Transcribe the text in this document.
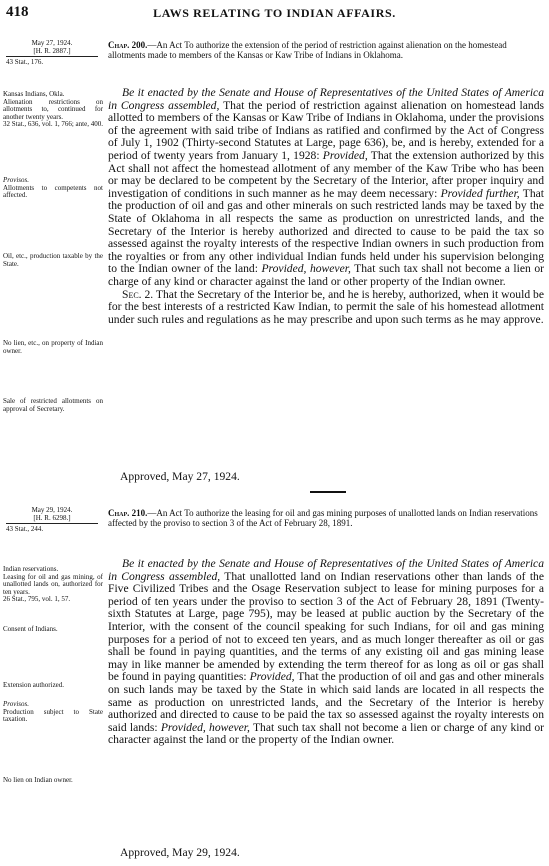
418	LAWS RELATING TO INDIAN AFFAIRS.
May 27, 1924.
[H. R. 2887.]
43 Stat., 176.
Chap. 200.—An Act To authorize the extension of the period of restriction against alienation on the homestead allotments made to members of the Kansas or Kaw Tribe of Indians in Oklahoma.
Kansas Indians, Okla.
Alienation restrictions on allotments to, continued for another twenty years.
32 Stat., 636, vol. 1, 766; ante, 400.
Provisos.
Allotments to competents not affected.
Oil, etc., production taxable by the State.
No lien, etc., on property of Indian owner.
Sale of restricted allotments on approval of Secretary.

Be it enacted by the Senate and House of Representatives of the United States of America in Congress assembled, That the period of restriction against alienation on homestead lands allotted to members of the Kansas or Kaw Tribe of Indians in Oklahoma, under the provisions of the agreement with said tribe of Indians as ratified and confirmed by the Act of Congress of July 1, 1902 (Thirty-second Statutes at Large, page 636), be, and is hereby, extended for a period of twenty years from January 1, 1928: Provided, That the extension authorized by this Act shall not affect the homestead allotment of any member of the Kaw Tribe who has been or may be declared to be competent by the Secretary of the Interior, after proper inquiry and investigation of conditions in such manner as he may deem necessary: Provided further, That the production of oil and gas and other minerals on such restricted lands may be taxed by the State of Oklahoma in all respects the same as production on unrestricted lands, and the Secretary of the Interior is hereby authorized and directed to cause to be paid the tax so assessed against the royalty interests of the respective Indian owners in such production from the royalties or from any other individual Indian funds held under his supervision belonging to the Indian owner of the land: Provided, however, That such tax shall not become a lien or charge of any kind or character against the land or other property of the Indian owner.

Sec. 2. That the Secretary of the Interior be, and he is hereby, authorized, when it would be for the best interests of a restricted Kaw Indian, to permit the sale of his homestead allotment under such rules and regulations as he may prescribe and upon such terms as he may approve.

Approved, May 27, 1924.
May 29, 1924.
[H. R. 6298.]
43 Stat., 244.
Chap. 210.—An Act To authorize the leasing for oil and gas mining purposes of unallotted lands on Indian reservations affected by the proviso to section 3 of the Act of February 28, 1891.
Indian reservations.
Leasing for oil and gas mining, of unallotted lands on, authorized for ten years.
26 Stat., 795, vol. 1, 57.
Consent of Indians.
Extension authorized.
Provisos.
Production subject to State taxation.
No lien on Indian owner.

Be it enacted by the Senate and House of Representatives of the United States of America in Congress assembled, That unallotted land on Indian reservations other than lands of the Five Civilized Tribes and the Osage Reservation subject to lease for mining purposes for a period of ten years under the proviso to section 3 of the Act of February 28, 1891 (Twenty-sixth Statutes at Large, page 795), may be leased at public auction by the Secretary of the Interior, with the consent of the council speaking for such Indians, for oil and gas mining purposes for a period of not to exceed ten years, and as much longer thereafter as oil or gas shall be found in paying quantities, and the terms of any existing oil and gas mining lease may in like manner be amended by extending the term thereof for as long as oil or gas shall be found in paying quantities: Provided, That the production of oil and gas and other minerals on such lands may be taxed by the State in which said lands are located in all respects the same as production on unrestricted lands, and the Secretary of the Interior is hereby authorized and directed to cause to be paid the tax so assessed against the royalty interests on said lands: Provided, however, That such tax shall not become a lien or charge of any kind or character against the land or the property of the Indian owner.

Approved, May 29, 1924.
